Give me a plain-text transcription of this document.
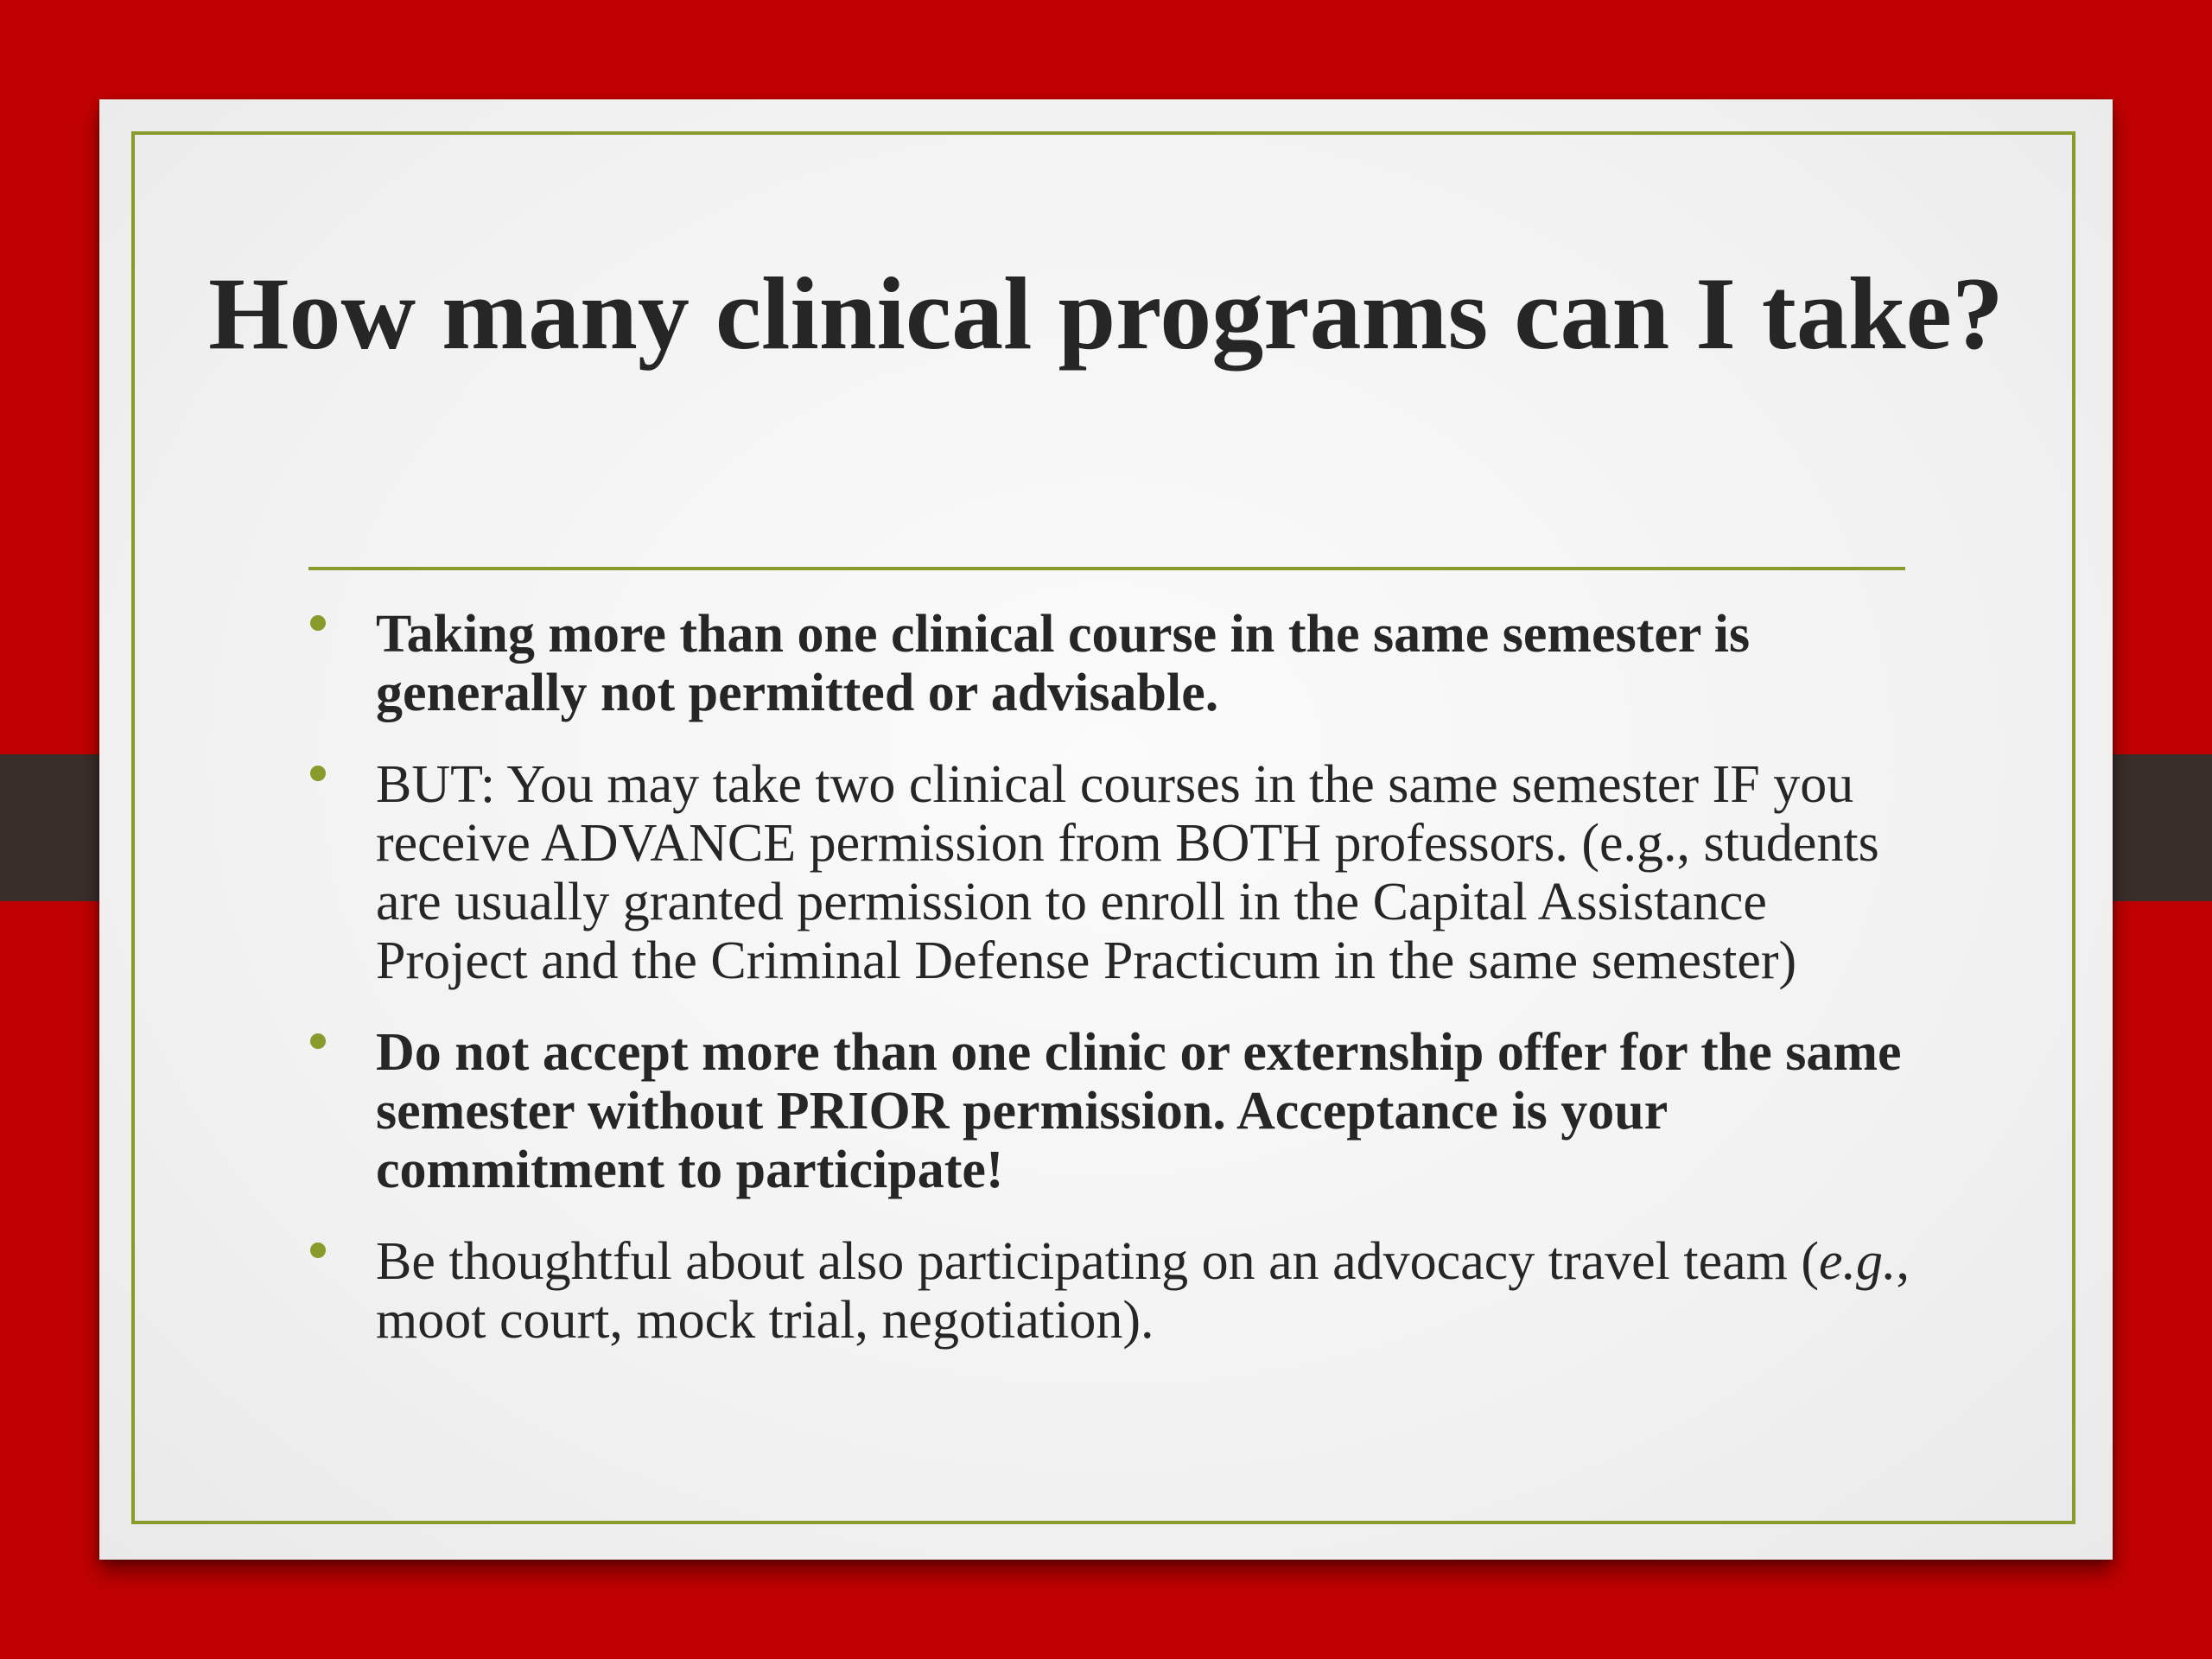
How many clinical programs can I take?
Taking more than one clinical course in the same semester is generally not permitted or advisable.
BUT: You may take two clinical courses in the same semester IF you receive ADVANCE permission from BOTH professors. (e.g., students are usually granted permission to enroll in the Capital Assistance Project and the Criminal Defense Practicum in the same semester)
Do not accept more than one clinic or externship offer for the same semester without PRIOR permission. Acceptance is your commitment to participate!
Be thoughtful about also participating on an advocacy travel team (e.g., moot court, mock trial, negotiation).
